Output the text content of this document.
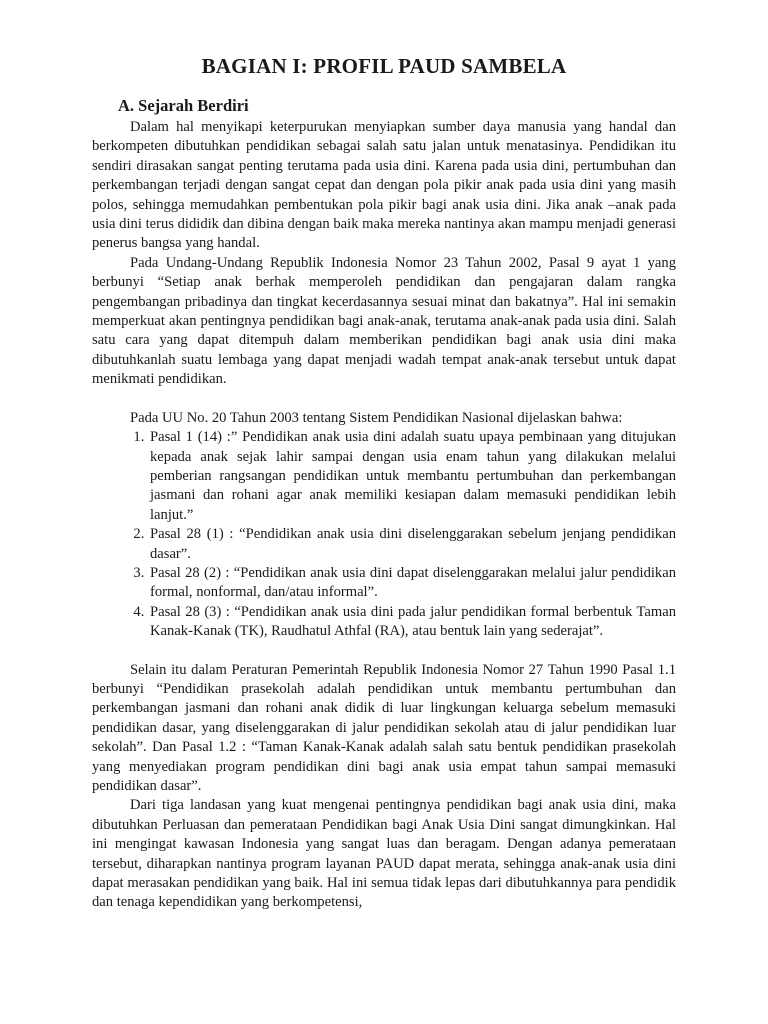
BAGIAN I: PROFIL PAUD SAMBELA
A. Sejarah Berdiri

Dalam hal menyikapi keterpurukan menyiapkan sumber daya manusia yang handal dan berkompeten dibutuhkan pendidikan sebagai salah satu jalan untuk menatasinya. Pendidikan itu sendiri dirasakan sangat penting terutama pada usia dini. Karena pada usia dini, pertumbuhan dan perkembangan terjadi dengan sangat cepat dan dengan pola pikir anak pada usia dini yang masih polos, sehingga memudahkan pembentukan pola pikir bagi anak usia dini. Jika anak –anak pada usia dini terus dididik dan dibina dengan baik maka mereka nantinya akan mampu menjadi generasi penerus bangsa yang handal.

Pada Undang-Undang Republik Indonesia Nomor 23 Tahun 2002, Pasal 9 ayat 1 yang berbunyi “Setiap anak berhak memperoleh pendidikan dan pengajaran dalam rangka pengembangan pribadinya dan tingkat kecerdasannya sesuai minat dan bakatnya”. Hal ini semakin memperkuat akan pentingnya pendidikan bagi anak-anak, terutama anak-anak pada usia dini. Salah satu cara yang dapat ditempuh dalam memberikan pendidikan bagi anak usia dini maka dibutuhkanlah suatu lembaga yang dapat menjadi wadah tempat anak-anak tersebut untuk dapat menikmati pendidikan.

Pada UU No. 20 Tahun 2003 tentang Sistem Pendidikan Nasional dijelaskan bahwa:

1. Pasal 1 (14) :” Pendidikan anak usia dini adalah suatu upaya pembinaan yang ditujukan kepada anak sejak lahir sampai dengan usia enam tahun yang dilakukan melalui pemberian rangsangan pendidikan untuk membantu pertumbuhan dan perkembangan jasmani dan rohani agar anak memiliki kesiapan dalam memasuki pendidikan lebih lanjut.”
2. Pasal 28 (1) : “Pendidikan anak usia dini diselenggarakan sebelum jenjang pendidikan dasar”.
3. Pasal 28 (2) : “Pendidikan anak usia dini dapat diselenggarakan melalui jalur pendidikan formal, nonformal, dan/atau informal”.
4. Pasal 28 (3) : “Pendidikan anak usia dini pada jalur pendidikan formal berbentuk Taman Kanak-Kanak (TK), Raudhatul Athfal (RA), atau bentuk lain yang sederajat”.

Selain itu dalam Peraturan Pemerintah Republik Indonesia Nomor 27 Tahun 1990 Pasal 1.1 berbunyi “Pendidikan prasekolah adalah pendidikan untuk membantu pertumbuhan dan perkembangan jasmani dan rohani anak didik di luar lingkungan keluarga sebelum memasuki pendidikan dasar, yang diselenggarakan di jalur pendidikan sekolah atau di jalur pendidikan luar sekolah”. Dan Pasal 1.2 : “Taman Kanak-Kanak adalah salah satu bentuk pendidikan prasekolah yang menyediakan program pendidikan dini bagi anak usia empat tahun sampai memasuki pendidikan dasar”.

Dari tiga landasan yang kuat mengenai pentingnya pendidikan bagi anak usia dini, maka dibutuhkan Perluasan dan pemerataan Pendidikan bagi Anak Usia Dini sangat dimungkinkan. Hal ini mengingat kawasan Indonesia yang sangat luas dan beragam. Dengan adanya pemerataan tersebut, diharapkan nantinya program layanan PAUD dapat merata, sehingga anak-anak usia dini dapat merasakan pendidikan yang baik. Hal ini semua tidak lepas dari dibutuhkannya para pendidik dan tenaga kependidikan yang berkompetensi,
